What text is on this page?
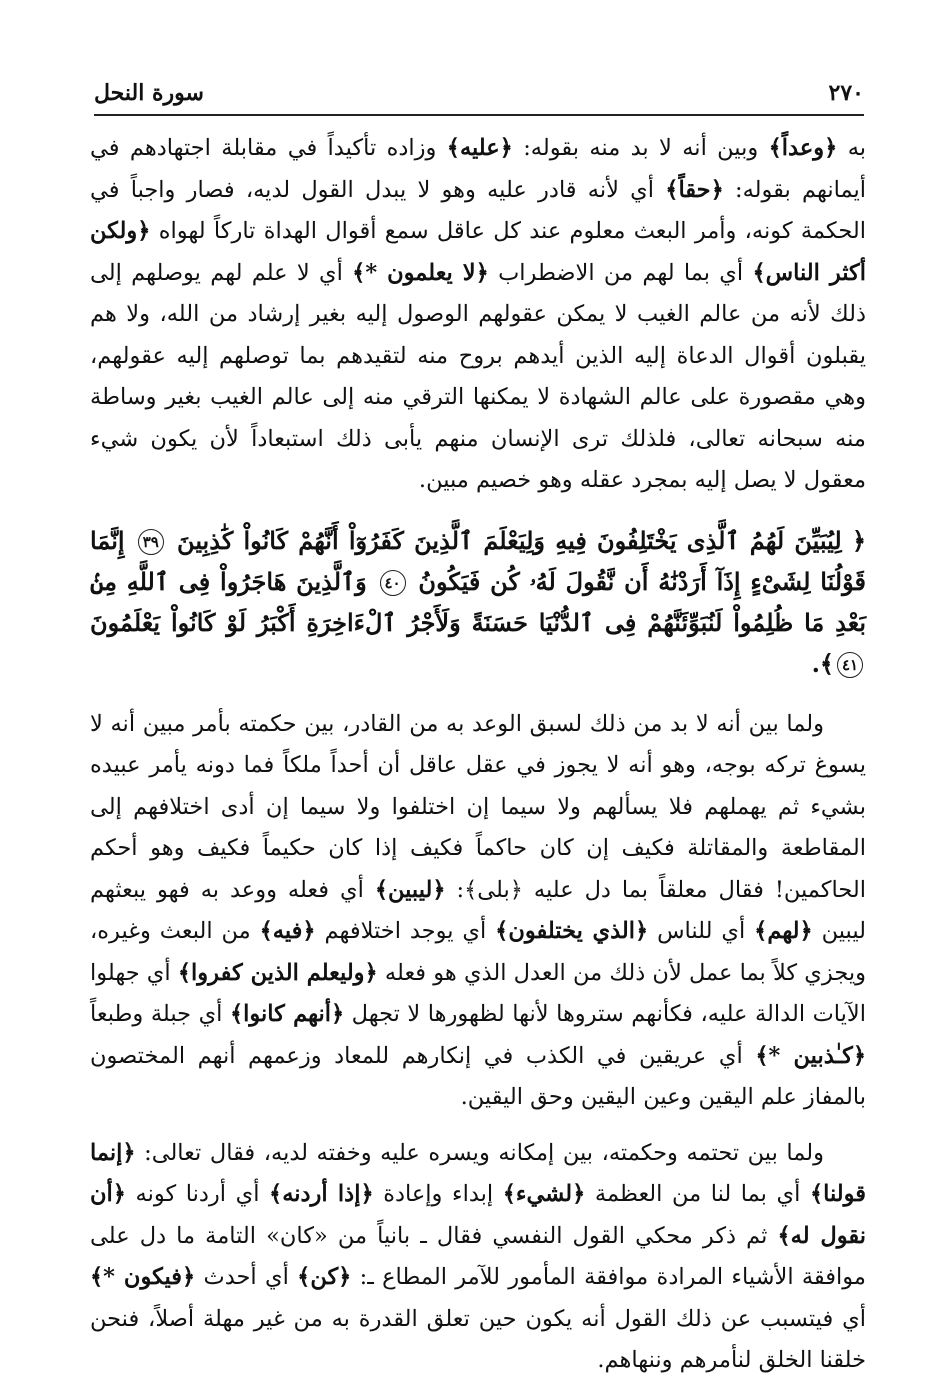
٢٧٠
سورة النحل

به ﴿وعداً﴾ وبين أنه لا بد منه بقوله: ﴿عليه﴾ وزاده تأكيداً في مقابلة اجتهادهم في أيمانهم بقوله: ﴿حقاً﴾ أي لأنه قادر عليه وهو لا يبدل القول لديه، فصار واجباً في الحكمة كونه، وأمر البعث معلوم عند كل عاقل سمع أقوال الهداة تاركاً لهواه ﴿ولكن أكثر الناس﴾ أي بما لهم من الاضطراب ﴿لا يعلمون *﴾ أي لا علم لهم يوصلهم إلى ذلك لأنه من عالم الغيب لا يمكن عقولهم الوصول إليه بغير إرشاد من الله، ولا هم يقبلون أقوال الدعاة إليه الذين أيدهم بروح منه لتقيدهم بما توصلهم إليه عقولهم، وهي مقصورة على عالم الشهادة لا يمكنها الترقي منه إلى عالم الغيب بغير وساطة منه سبحانه تعالى، فلذلك ترى الإنسان منهم يأبى ذلك استبعاداً لأن يكون شيء معقول لا يصل إليه بمجرد عقله وهو خصيم مبين.

﴿ لِيُبَيِّنَ لَهُمُ ٱلَّذِى يَخْتَلِفُونَ فِيهِ وَلِيَعْلَمَ ٱلَّذِينَ كَفَرُوٓاْ أَنَّهُمْ كَانُواْ كَٰذِبِينَ ٣٩ إِنَّمَا قَوْلُنَا لِشَىْءٍ إِذَآ أَرَدْنَٰهُ أَن نَّقُولَ لَهُۥ كُن فَيَكُونُ ٤٠ وَٱلَّذِينَ هَاجَرُواْ فِى ٱللَّهِ مِنۢ بَعْدِ مَا ظُلِمُواْ لَنُبَوِّئَنَّهُمْ فِى ٱلدُّنْيَا حَسَنَةً وَلَأَجْرُ ٱلْءَاخِرَةِ أَكْبَرُ لَوْ كَانُواْ يَعْلَمُونَ ٤١﴾.

ولما بين أنه لا بد من ذلك لسبق الوعد به من القادر، بين حكمته بأمر مبين أنه لا يسوغ تركه بوجه، وهو أنه لا يجوز في عقل عاقل أن أحداً ملكاً فما دونه يأمر عبيده بشيء ثم يهملهم فلا يسألهم ولا سيما إن اختلفوا ولا سيما إن أدى اختلافهم إلى المقاطعة والمقاتلة فكيف إن كان حاكماً فكيف إذا كان حكيماً فكيف وهو أحكم الحاكمين! فقال معلقاً بما دل عليه ﴿بلى﴾: ﴿ليبين﴾ أي فعله ووعد به فهو يبعثهم ليبين ﴿لهم﴾ أي للناس ﴿الذي يختلفون﴾ أي يوجد اختلافهم ﴿فيه﴾ من البعث وغيره، ويجزي كلاً بما عمل لأن ذلك من العدل الذي هو فعله ﴿وليعلم الذين كفروا﴾ أي جهلوا الآيات الدالة عليه، فكأنهم ستروها لأنها لظهورها لا تجهل ﴿أنهم كانوا﴾ أي جبلة وطبعاً ﴿كـٰذبين *﴾ أي عريقين في الكذب في إنكارهم للمعاد وزعمهم أنهم المختصون بالمفاز علم اليقين وعين اليقين وحق اليقين.

ولما بين تحتمه وحكمته، بين إمكانه ويسره عليه وخفته لديه، فقال تعالى: ﴿إنما قولنا﴾ أي بما لنا من العظمة ﴿لشيء﴾ إبداء وإعادة ﴿إذا أردنه﴾ أي أردنا كونه ﴿أن نقول له﴾ ثم ذكر محكي القول النفسي فقال ـ بانياً من «كان» التامة ما دل على موافقة الأشياء المرادة موافقة المأمور للآمر المطاع ـ: ﴿كن﴾ أي أحدث ﴿فيكون *﴾ أي فيتسبب عن ذلك القول أنه يكون حين تعلق القدرة به من غير مهلة أصلاً، فنحن خلقنا الخلق لنأمرهم وننهاهم.
